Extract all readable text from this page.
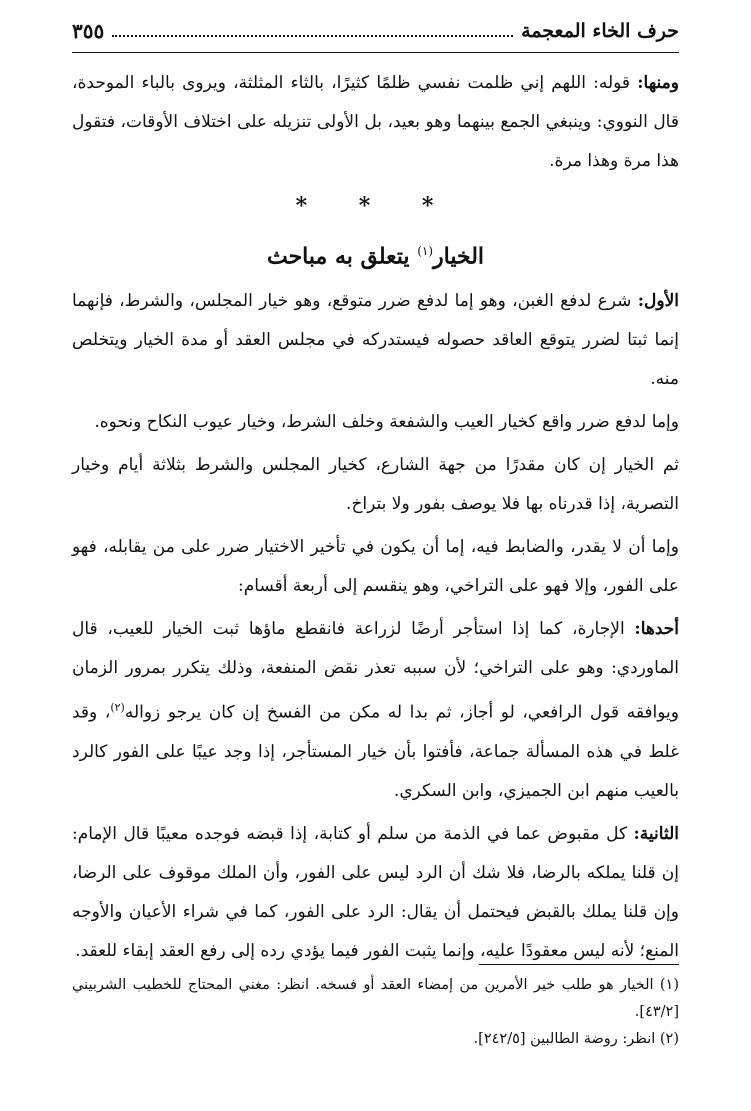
حرف الخاء المعجمة
٣٥٥

ومنها: قوله: اللهم إني ظلمت نفسي ظلمًا كثيرًا، بالثاء المثلثة، ويروى بالباء الموحدة، قال النووي: وينبغي الجمع بينهما وهو بعيد، بل الأولى تنزيله على اختلاف الأوقات، فتقول هذا مرة وهذا مرة.

* * *
الخيار$^{(١)}$ يتعلق به مباحث

الأول: شرع لدفع الغبن، وهو إما لدفع ضرر متوقع، وهو خيار المجلس، والشرط، فإنهما إنما ثبتا لضرر يتوقع العاقد حصوله فيستدركه في مجلس العقد أو مدة الخيار ويتخلص منه.

وإما لدفع ضرر واقع كخيار العيب والشفعة وخلف الشرط، وخيار عيوب النكاح ونحوه.

ثم الخيار إن كان مقدرًا من جهة الشارع، كخيار المجلس والشرط بثلاثة أيام وخيار التصرية، إذا قدرناه بها فلا يوصف بفور ولا بتراخ.

وإما أن لا يقدر، والضابط فيه، إما أن يكون في تأخير الاختيار ضرر على من يقابله، فهو على الفور، وإلا فهو على التراخي، وهو ينقسم إلى أربعة أقسام:

أحدها: الإجارة، كما إذا استأجر أرضًا لزراعة فانقطع ماؤها ثبت الخيار للعيب، قال الماوردي: وهو على التراخي؛ لأن سببه تعذر نقض المنفعة، وذلك يتكرر بمرور الزمان ويوافقه قول الرافعي، لو أجاز، ثم بدا له مكن من الفسخ إن كان يرجو زواله$^{(٢)}$، وقد غلط في هذه المسألة جماعة، فأفتوا بأن خيار المستأجر، إذا وجد عيبًا على الفور كالرد بالعيب منهم ابن الجميزي، وابن السكري.

الثانية: كل مقبوض عما في الذمة من سلم أو كتابة، إذا قبضه فوجده معيبًا قال الإمام: إن قلنا يملكه بالرضا، فلا شك أن الرد ليس على الفور، وأن الملك موقوف على الرضا، وإن قلنا يملك بالقبض فيحتمل أن يقال: الرد على الفور، كما في شراء الأعيان والأوجه المنع؛ لأنه ليس معقودًا عليه، وإنما يثبت الفور فيما يؤدي رده إلى رفع العقد إبقاء للعقد.

(١) الخيار هو طلب خير الأمرين من إمضاء العقد أو فسخه. انظر: مغني المحتاج للخطيب الشربيني [٤٣/٢].

(٢) انظر: روضة الطالبين [٢٤٢/٥].
